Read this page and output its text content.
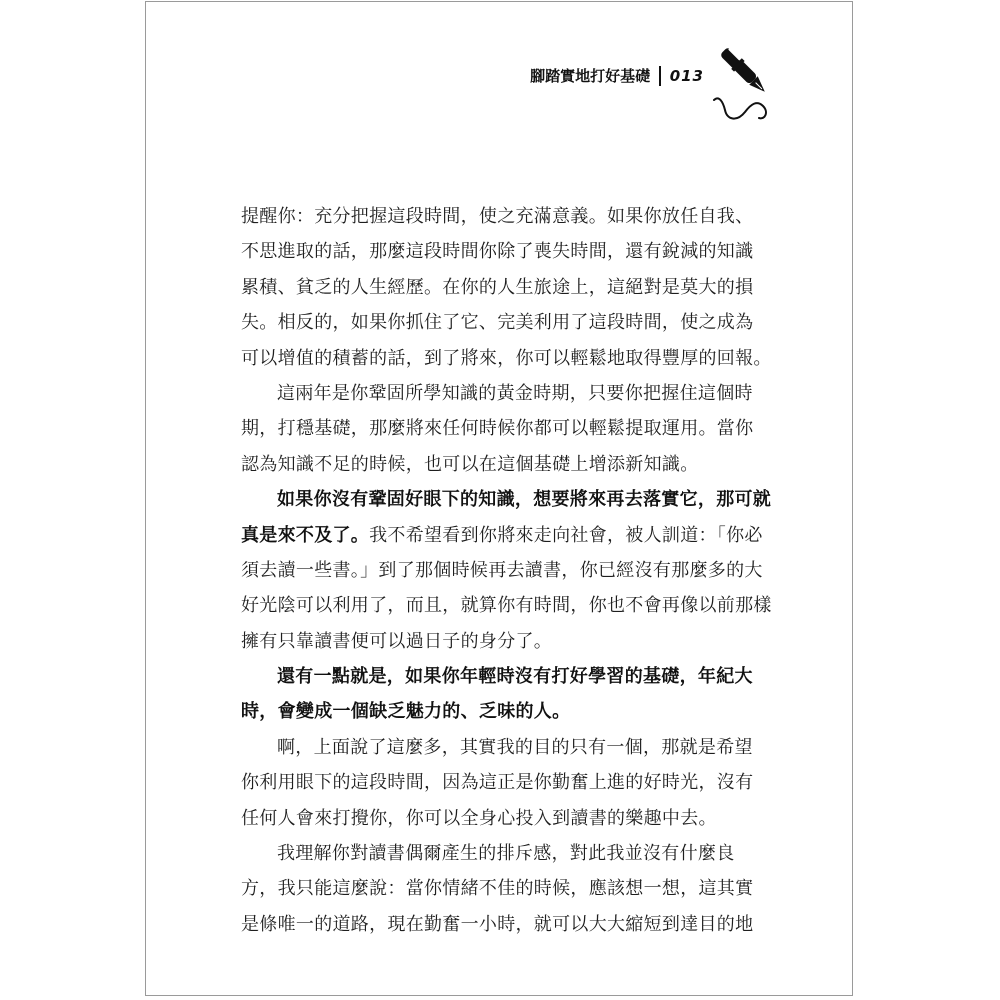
腳踏實地打好基礎 013
提醒你：充分把握這段時間，使之充滿意義。如果你放任自我、
不思進取的話，那麼這段時間你除了喪失時間，還有銳減的知識
累積、貧乏的人生經歷。在你的人生旅途上，這絕對是莫大的損
失。相反的，如果你抓住了它、完美利用了這段時間，使之成為
可以增值的積蓄的話，到了將來，你可以輕鬆地取得豐厚的回報。
這兩年是你鞏固所學知識的黃金時期，只要你把握住這個時
期，打穩基礎，那麼將來任何時候你都可以輕鬆提取運用。當你
認為知識不足的時候，也可以在這個基礎上增添新知識。
如果你沒有鞏固好眼下的知識，想要將來再去落實它，那可就
真是來不及了。我不希望看到你將來走向社會，被人訓道：「你必
須去讀一些書。」到了那個時候再去讀書，你已經沒有那麼多的大
好光陰可以利用了，而且，就算你有時間，你也不會再像以前那樣
擁有只靠讀書便可以過日子的身分了。
還有一點就是，如果你年輕時沒有打好學習的基礎，年紀大
時，會變成一個缺乏魅力的、乏味的人。
啊，上面說了這麼多，其實我的目的只有一個，那就是希望
你利用眼下的這段時間，因為這正是你勤奮上進的好時光，沒有
任何人會來打攪你，你可以全身心投入到讀書的樂趣中去。
我理解你對讀書偶爾產生的排斥感，對此我並沒有什麼良
方，我只能這麼說：當你情緒不佳的時候，應該想一想，這其實
是條唯一的道路，現在勤奮一小時，就可以大大縮短到達目的地
